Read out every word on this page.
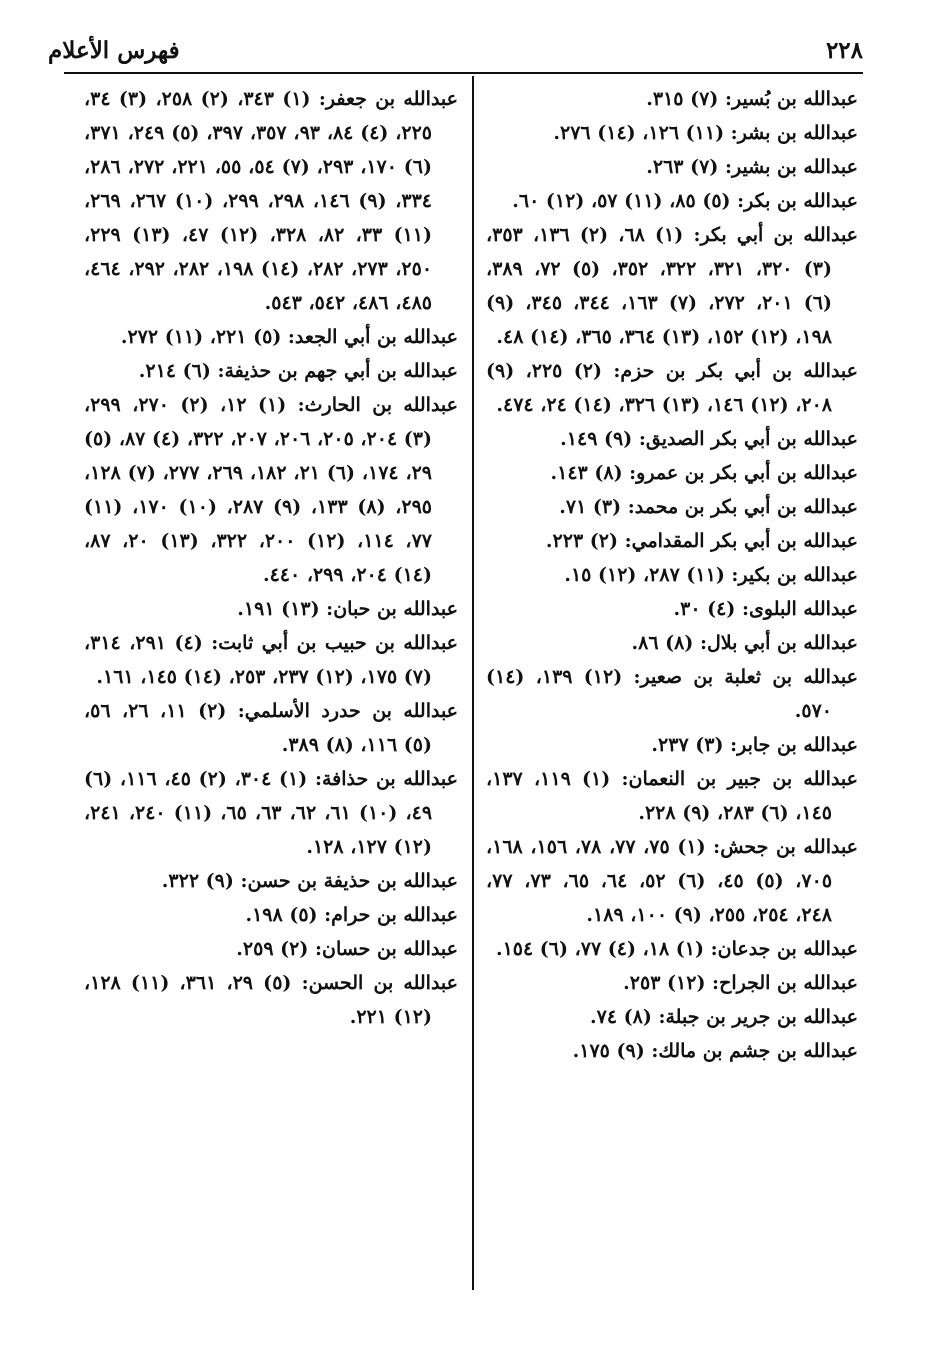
٢٢٨
فهرس الأعلام

عبدالله بن بُسير: (٧) ٣١٥.

عبدالله بن بشر: (١١) ١٢٦، (١٤) ٢٧٦.

عبدالله بن بشير: (٧) ٢٦٣.

عبدالله بن بكر: (٥) ٨٥، (١١) ٥٧، (١٢) ٦٠.

عبدالله بن أبي بكر: (١) ٦٨، (٢) ١٣٦، ٣٥٣، (٣) ٣٢٠، ٣٢١، ٣٢٢، ٣٥٢، (٥) ٧٢، ٣٨٩، (٦) ٢٠١، ٢٧٢، (٧) ١٦٣، ٣٤٤، ٣٤٥، (٩) ١٩٨، (١٢) ١٥٢، (١٣) ٣٦٤، ٣٦٥، (١٤) ٤٨.

عبدالله بن أبي بكر بن حزم: (٢) ٢٢٥، (٩) ٢٠٨، (١٢) ١٤٦، (١٣) ٣٢٦، (١٤) ٢٤، ٤٧٤.

عبدالله بن أبي بكر الصديق: (٩) ١٤٩.

عبدالله بن أبي بكر بن عمرو: (٨) ١٤٣.

عبدالله بن أبي بكر بن محمد: (٣) ٧١.

عبدالله بن أبي بكر المقدامي: (٢) ٢٢٣.

عبدالله بن بكير: (١١) ٢٨٧، (١٢) ١٥.

عبدالله البلوى: (٤) ٣٠.

عبدالله بن أبي بلال: (٨) ٨٦.

عبدالله بن ثعلبة بن صعير: (١٢) ١٣٩، (١٤) ٥٧٠.

عبدالله بن جابر: (٣) ٢٣٧.

عبدالله بن جبير بن النعمان: (١) ١١٩، ١٣٧، ١٤٥، (٦) ٢٨٣، (٩) ٢٢٨.

عبدالله بن جحش: (١) ٧٥، ٧٧، ٧٨، ١٥٦، ١٦٨، ٧٠٥، (٥) ٤٥، (٦) ٥٢، ٦٤، ٦٥، ٧٣، ٧٧، ٢٤٨، ٢٥٤، ٢٥٥، (٩) ١٠٠، ١٨٩.

عبدالله بن جدعان: (١) ١٨، (٤) ٧٧، (٦) ١٥٤.

عبدالله بن الجراح: (١٢) ٢٥٣.

عبدالله بن جرير بن جبلة: (٨) ٧٤.

عبدالله بن جشم بن مالك: (٩) ١٧٥.

عبدالله بن جعفر: (١) ٣٤٣، (٢) ٢٥٨، (٣) ٣٤، ٢٢٥، (٤) ٨٤، ٩٣، ٣٥٧، ٣٩٧، (٥) ٢٤٩، ٣٧١، (٦) ١٧٠، ٢٩٣، (٧) ٥٤، ٥٥، ٢٢١، ٢٧٢، ٢٨٦، ٣٣٤، (٩) ١٤٦، ٢٩٨، ٢٩٩، (١٠) ٢٦٧، ٢٦٩، (١١) ٣٣، ٨٢، ٣٢٨، (١٢) ٤٧، (١٣) ٢٢٩، ٢٥٠، ٢٧٣، ٢٨٢، (١٤) ١٩٨، ٢٨٢، ٢٩٢، ٤٦٤، ٤٨٥، ٤٨٦، ٥٤٢، ٥٤٣.

عبدالله بن أبي الجعد: (٥) ٢٢١، (١١) ٢٧٢.

عبدالله بن أبي جهم بن حذيفة: (٦) ٢١٤.

عبدالله بن الحارث: (١) ١٢، (٢) ٢٧٠، ٢٩٩، (٣) ٢٠٤، ٢٠٥، ٢٠٦، ٢٠٧، ٣٢٢، (٤) ٨٧، (٥) ٢٩، ١٧٤، (٦) ٢١، ١٨٢، ٢٦٩، ٢٧٧، (٧) ١٢٨، ٢٩٥، (٨) ١٣٣، (٩) ٢٨٧، (١٠) ١٧٠، (١١) ٧٧، ١١٤، (١٢) ٢٠٠، ٣٢٢، (١٣) ٢٠، ٨٧، (١٤) ٢٠٤، ٢٩٩، ٤٤٠.

عبدالله بن حبان: (١٣) ١٩١.

عبدالله بن حبيب بن أبي ثابت: (٤) ٢٩١، ٣١٤، (٧) ١٧٥، (١٢) ٢٣٧، ٢٥٣، (١٤) ١٤٥، ١٦١.

عبدالله بن حدرد الأسلمي: (٢) ١١، ٢٦، ٥٦، (٥) ١١٦، (٨) ٣٨٩.

عبدالله بن حذافة: (١) ٣٠٤، (٢) ٤٥، ١١٦، (٦) ٤٩، (١٠) ٦١، ٦٢، ٦٣، ٦٥، (١١) ٢٤٠، ٢٤١، (١٢) ١٢٧، ١٢٨.

عبدالله بن حذيفة بن حسن: (٩) ٣٢٢.

عبدالله بن حرام: (٥) ١٩٨.

عبدالله بن حسان: (٢) ٢٥٩.

عبدالله بن الحسن: (٥) ٢٩، ٣٦١، (١١) ١٢٨، (١٢) ٢٢١.
